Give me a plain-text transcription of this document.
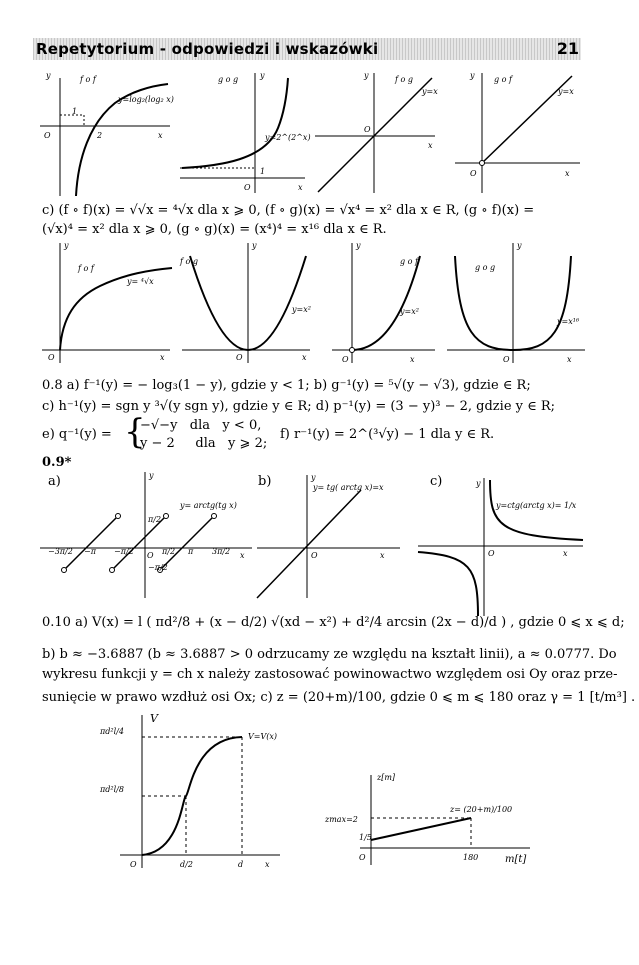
Repetytorium - odpowiedzi i wskazówki	21
f o f
y=log₂(log₂ x)
y
x
O
1
2
g o g
y=2^(2^x)
y
x
O
1
f o g
y=x
y
x
O
g o f
y=x
y
x
O
c) (f ∘ f)(x) = √√x = ⁴√x dla x ⩾ 0, (f ∘ g)(x) = √x⁴ = x² dla x ∈ R, (g ∘ f)(x) =
(√x)⁴ = x² dla x ⩾ 0, (g ∘ g)(x) = (x⁴)⁴ = x¹⁶ dla x ∈ R.
f o f
y= ⁴√x
y
x
O
f o g
y=x²
y
x
O
g o f
y=x²
y
x
O
g o g
y=x¹⁶
y
x
O
0.8 a) f⁻¹(y) = − log₃(1 − y), gdzie y < 1; b) g⁻¹(y) = ⁵√(y − √3), gdzie ∈ R;
c) h⁻¹(y) = sgn y ³√(y sgn y), gdzie y ∈ R; d) p⁻¹(y) = (3 − y)³ − 2, gdzie y ∈ R;
e) q⁻¹(y) = {
−√−y   dla   y < 0,
y − 2     dla   y ⩾ 2;
f) r⁻¹(y) = 2^(³√y) − 1 dla y ∈ R.
0.9*
a)	b)	c)
y= arctg(tg x)
y
O	x
π/2
−π/2
−3π/2 −π −π/2	π/2 π 3π/2
y= tg( arctg x)=x
y
O	x
y=ctg(arctg x)= 1/x
y
O	x
0.10 a) V(x) = l ( πd²/8 + (x − d/2) √(xd − x²) + d²/4 arcsin (2x − d)/d ) , gdzie 0 ⩽ x ⩽ d;
b) b ≈ −3.6887 (b ≈ 3.6887 > 0 odrzucamy ze względu na kształt linii), a ≈ 0.0777. Do
wykresu funkcji y = ch x należy zastosować powinowactwo względem osi Oy oraz prze-
sunięcie w prawo wzdłuż osi Ox; c) z = (20+m)/100, gdzie 0 ⩽ m ⩽ 180 oraz γ = 1 [t/m³] .
V
V=V(x)
πd²l/4
πd²l/8
O	d/2	d	x
z[m]
z= (20+m)/100
zmax=2
1/5
O	180	m[t]
